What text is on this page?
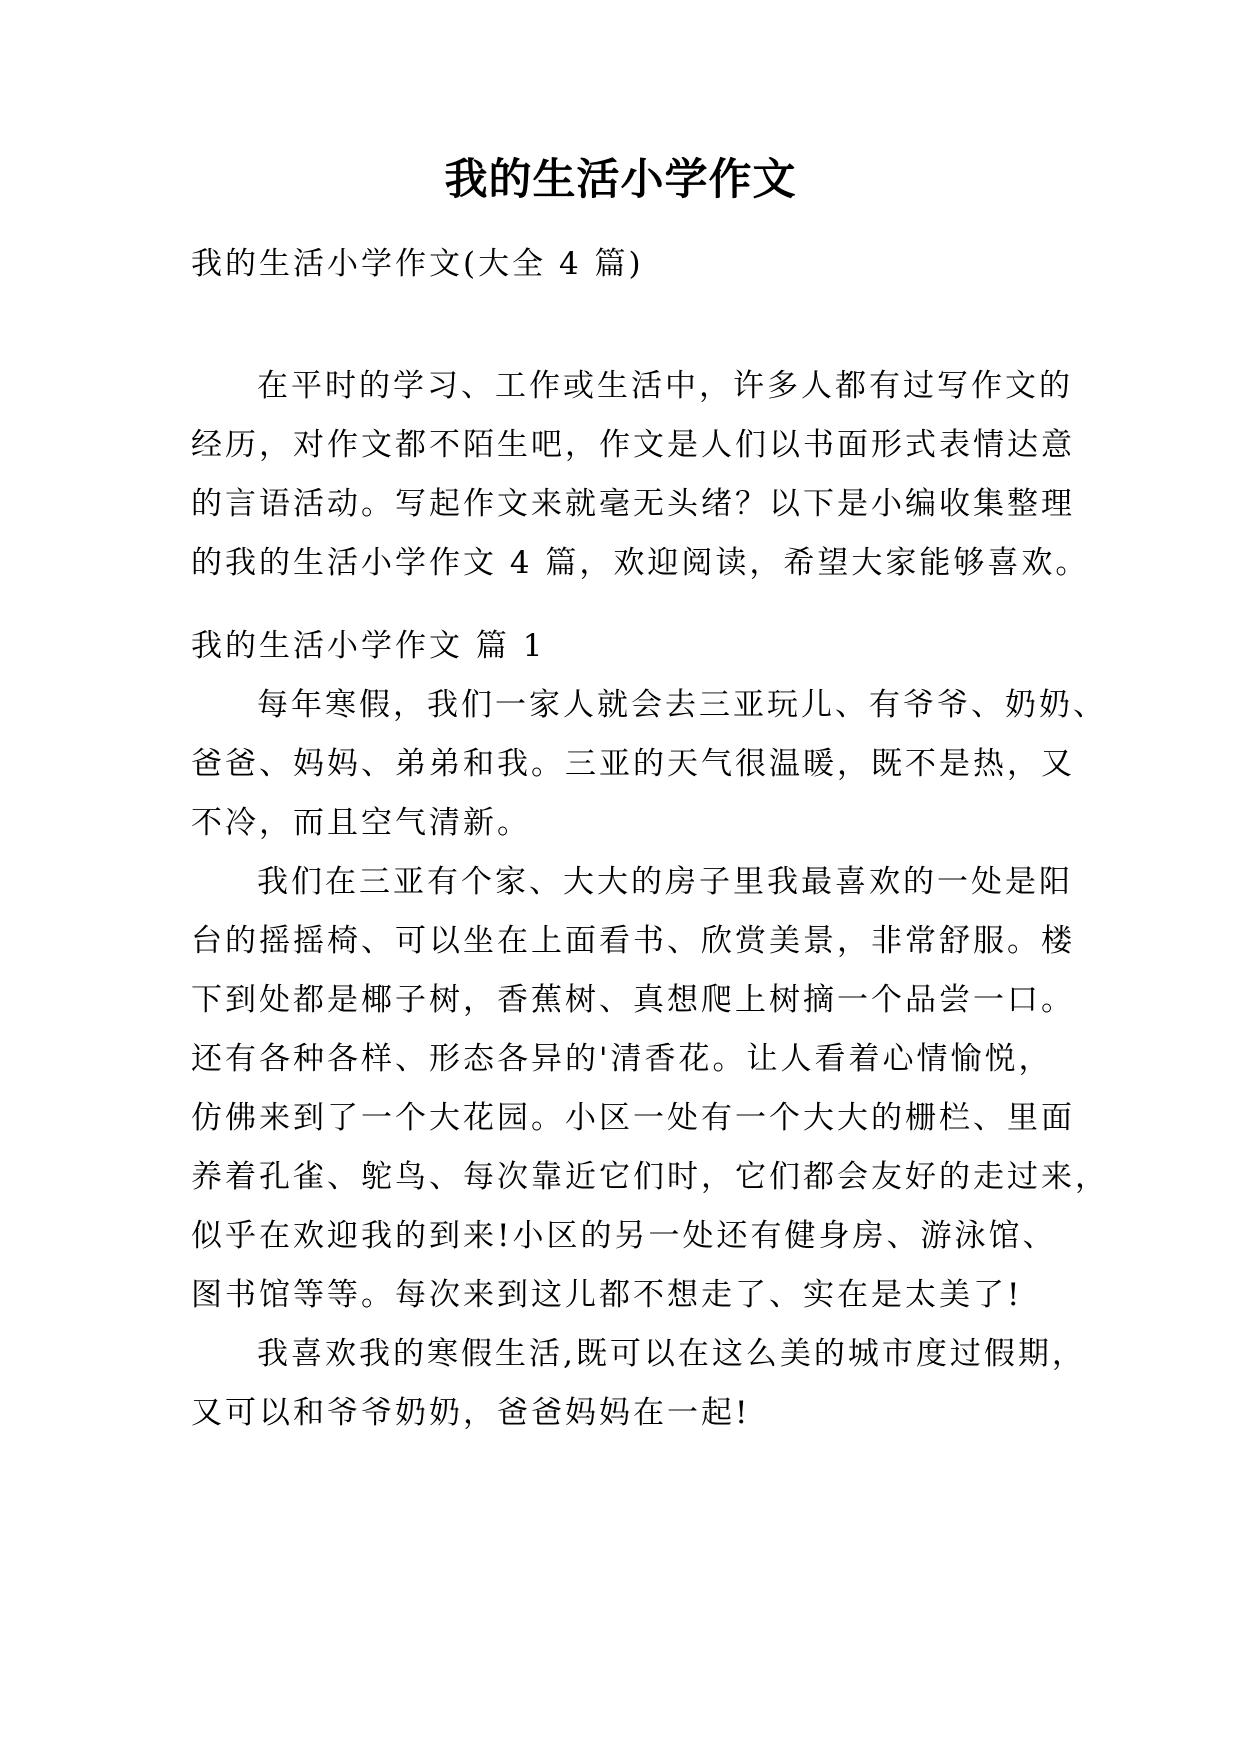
我的生活小学作文
我的生活小学作文(大全 4 篇)
在平时的学习、工作或生活中，许多人都有过写作文的
经历，对作文都不陌生吧，作文是人们以书面形式表情达意
的言语活动。写起作文来就毫无头绪？以下是小编收集整理
的我的生活小学作文 4 篇，欢迎阅读，希望大家能够喜欢。
我的生活小学作文 篇 1
每年寒假，我们一家人就会去三亚玩儿、有爷爷、奶奶、
爸爸、妈妈、弟弟和我。三亚的天气很温暖，既不是热，又
不冷，而且空气清新。
我们在三亚有个家、大大的房子里我最喜欢的一处是阳
台的摇摇椅、可以坐在上面看书、欣赏美景，非常舒服。楼
下到处都是椰子树，香蕉树、真想爬上树摘一个品尝一口。
还有各种各样、形态各异的'清香花。让人看着心情愉悦，
仿佛来到了一个大花园。小区一处有一个大大的栅栏、里面
养着孔雀、鸵鸟、每次靠近它们时，它们都会友好的走过来，
似乎在欢迎我的到来!小区的另一处还有健身房、游泳馆、
图书馆等等。每次来到这儿都不想走了、实在是太美了!
我喜欢我的寒假生活,既可以在这么美的城市度过假期，
又可以和爷爷奶奶，爸爸妈妈在一起!
